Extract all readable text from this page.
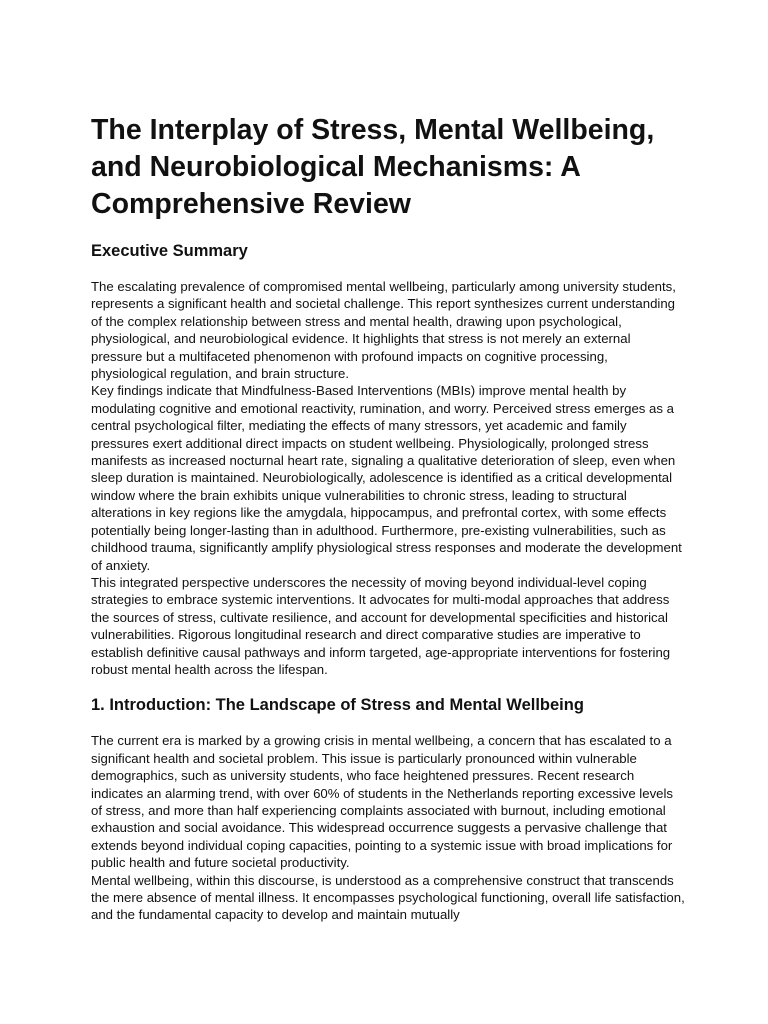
The Interplay of Stress, Mental Wellbeing, and Neurobiological Mechanisms: A Comprehensive Review
Executive Summary

The escalating prevalence of compromised mental wellbeing, particularly among university students, represents a significant health and societal challenge. This report synthesizes current understanding of the complex relationship between stress and mental health, drawing upon psychological, physiological, and neurobiological evidence. It highlights that stress is not merely an external pressure but a multifaceted phenomenon with profound impacts on cognitive processing, physiological regulation, and brain structure.

Key findings indicate that Mindfulness-Based Interventions (MBIs) improve mental health by modulating cognitive and emotional reactivity, rumination, and worry. Perceived stress emerges as a central psychological filter, mediating the effects of many stressors, yet academic and family pressures exert additional direct impacts on student wellbeing. Physiologically, prolonged stress manifests as increased nocturnal heart rate, signaling a qualitative deterioration of sleep, even when sleep duration is maintained. Neurobiologically, adolescence is identified as a critical developmental window where the brain exhibits unique vulnerabilities to chronic stress, leading to structural alterations in key regions like the amygdala, hippocampus, and prefrontal cortex, with some effects potentially being longer-lasting than in adulthood. Furthermore, pre-existing vulnerabilities, such as childhood trauma, significantly amplify physiological stress responses and moderate the development of anxiety.

This integrated perspective underscores the necessity of moving beyond individual-level coping strategies to embrace systemic interventions. It advocates for multi-modal approaches that address the sources of stress, cultivate resilience, and account for developmental specificities and historical vulnerabilities. Rigorous longitudinal research and direct comparative studies are imperative to establish definitive causal pathways and inform targeted, age-appropriate interventions for fostering robust mental health across the lifespan.

1. Introduction: The Landscape of Stress and Mental Wellbeing

The current era is marked by a growing crisis in mental wellbeing, a concern that has escalated to a significant health and societal problem. This issue is particularly pronounced within vulnerable demographics, such as university students, who face heightened pressures. Recent research indicates an alarming trend, with over 60% of students in the Netherlands reporting excessive levels of stress, and more than half experiencing complaints associated with burnout, including emotional exhaustion and social avoidance. This widespread occurrence suggests a pervasive challenge that extends beyond individual coping capacities, pointing to a systemic issue with broad implications for public health and future societal productivity.

Mental wellbeing, within this discourse, is understood as a comprehensive construct that transcends the mere absence of mental illness. It encompasses psychological functioning, overall life satisfaction, and the fundamental capacity to develop and maintain mutually
